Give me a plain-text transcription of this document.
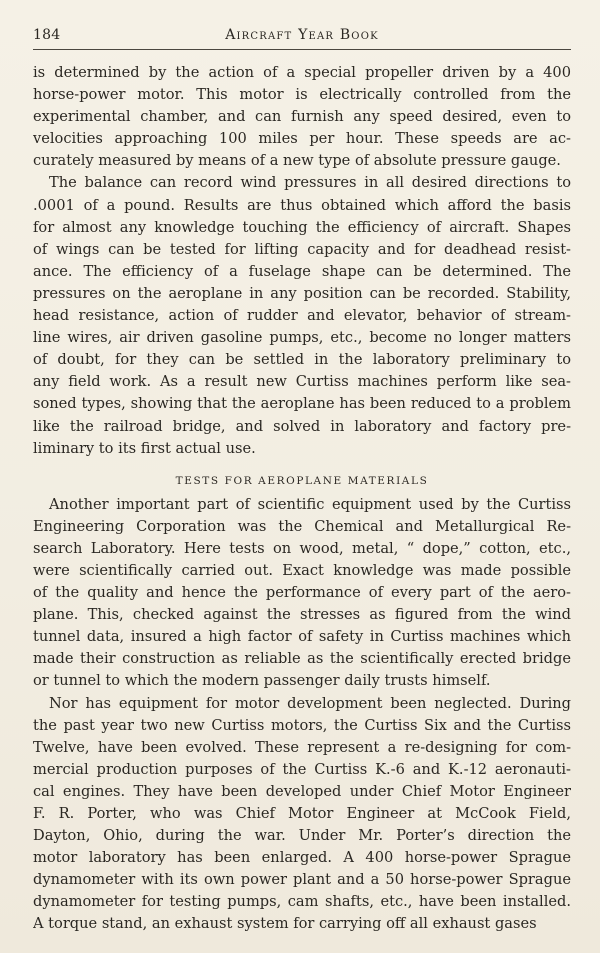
184	Aircraft Year Book
is determined by the action of a special propeller driven by a 400
horse-power motor. This motor is electrically controlled from the
experimental chamber, and can furnish any speed desired, even to
velocities approaching 100 miles per hour. These speeds are ac-
curately measured by means of a new type of absolute pressure gauge.
The balance can record wind pressures in all desired directions to
.0001 of a pound. Results are thus obtained which afford the basis
for almost any knowledge touching the efficiency of aircraft. Shapes
of wings can be tested for lifting capacity and for deadhead resist-
ance. The efficiency of a fuselage shape can be determined. The
pressures on the aeroplane in any position can be recorded. Stability,
head resistance, action of rudder and elevator, behavior of stream-
line wires, air driven gasoline pumps, etc., become no longer matters
of doubt, for they can be settled in the laboratory preliminary to
any field work. As a result new Curtiss machines perform like sea-
soned types, showing that the aeroplane has been reduced to a problem
like the railroad bridge, and solved in laboratory and factory pre-
liminary to its first actual use.
TESTS FOR AEROPLANE MATERIALS
Another important part of scientific equipment used by the Curtiss
Engineering Corporation was the Chemical and Metallurgical Re-
search Laboratory. Here tests on wood, metal, “ dope,” cotton, etc.,
were scientifically carried out. Exact knowledge was made possible
of the quality and hence the performance of every part of the aero-
plane. This, checked against the stresses as figured from the wind
tunnel data, insured a high factor of safety in Curtiss machines which
made their construction as reliable as the scientifically erected bridge
or tunnel to which the modern passenger daily trusts himself.
Nor has equipment for motor development been neglected. During
the past year two new Curtiss motors, the Curtiss Six and the Curtiss
Twelve, have been evolved. These represent a re-designing for com-
mercial production purposes of the Curtiss K.-6 and K.-12 aeronauti-
cal engines. They have been developed under Chief Motor Engineer
F. R. Porter, who was Chief Motor Engineer at McCook Field,
Dayton, Ohio, during the war. Under Mr. Porter’s direction the
motor laboratory has been enlarged. A 400 horse-power Sprague
dynamometer with its own power plant and a 50 horse-power Sprague
dynamometer for testing pumps, cam shafts, etc., have been installed.
A torque stand, an exhaust system for carrying off all exhaust gases
